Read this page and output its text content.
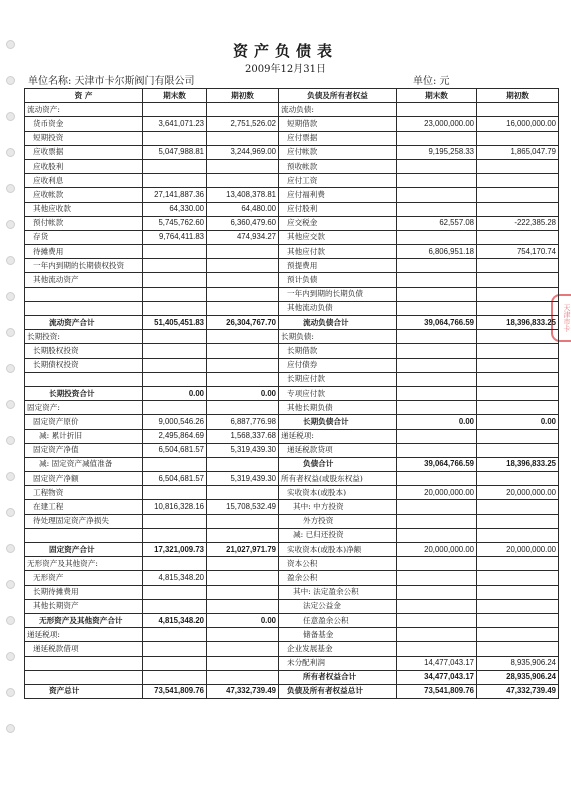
资产负债表
2009年12月31日
单位名称: 天津市卡尔斯阀门有限公司	单位: 元
天津市卡
资 产	期末数	期初数	负债及所有者权益	期末数	期初数
流动资产:			流动负债:		
货币资金	3,641,071.23	2,751,526.02	短期借款	23,000,000.00	16,000,000.00
短期投资			应付票据		
应收票据	5,047,988.81	3,244,969.00	应付帐款	9,195,258.33	1,865,047.79
应收股利			预收帐款		
应收利息			应付工资		
应收帐款	27,141,887.36	13,408,378.81	应付福利费		
其他应收款	64,330.00	64,480.00	应付股利		
预付帐款	5,745,762.60	6,360,479.60	应交税金	62,557.08	-222,385.28
存货	9,764,411.83	474,934.27	其他应交款		
待摊费用			其他应付款	6,806,951.18	754,170.74
一年内到期的长期债权投资			预提费用		
其他流动资产			预计负债		
			一年内到期的长期负债		
			其他流动负债		
流动资产合计	51,405,451.83	26,304,767.70	流动负债合计	39,064,766.59	18,396,833.25
长期投资:			长期负债:		
长期股权投资			长期借款		
长期债权投资			应付债券		
			长期应付款		
长期投资合计	0.00	0.00	专项应付款		
固定资产:			其他长期负债		
固定资产原价	9,000,546.26	6,887,776.98	长期负债合计	0.00	0.00
减: 累计折旧	2,495,864.69	1,568,337.68	递延税项:		
固定资产净值	6,504,681.57	5,319,439.30	递延税款贷项		
减: 固定资产减值准备			负债合计	39,064,766.59	18,396,833.25
固定资产净额	6,504,681.57	5,319,439.30	所有者权益(或股东权益)		
工程物资			实收资本(或股本)	20,000,000.00	20,000,000.00
在建工程	10,816,328.16	15,708,532.49	其中: 中方投资		
待处理固定资产净损失			外方投资		
			减: 已归还投资		
固定资产合计	17,321,009.73	21,027,971.79	实收资本(或股本)净额	20,000,000.00	20,000,000.00
无形资产及其他资产:			资本公积		
无形资产	4,815,348.20		盈余公积		
长期待摊费用			其中: 法定盈余公积		
其他长期资产			法定公益金		
无形资产及其他资产合计	4,815,348.20	0.00	任意盈余公积		
递延税项:			储备基金		
递延税款借项			企业发展基金		
			未分配利润	14,477,043.17	8,935,906.24
			所有者权益合计	34,477,043.17	28,935,906.24
资产总计	73,541,809.76	47,332,739.49	负债及所有者权益总计	73,541,809.76	47,332,739.49
